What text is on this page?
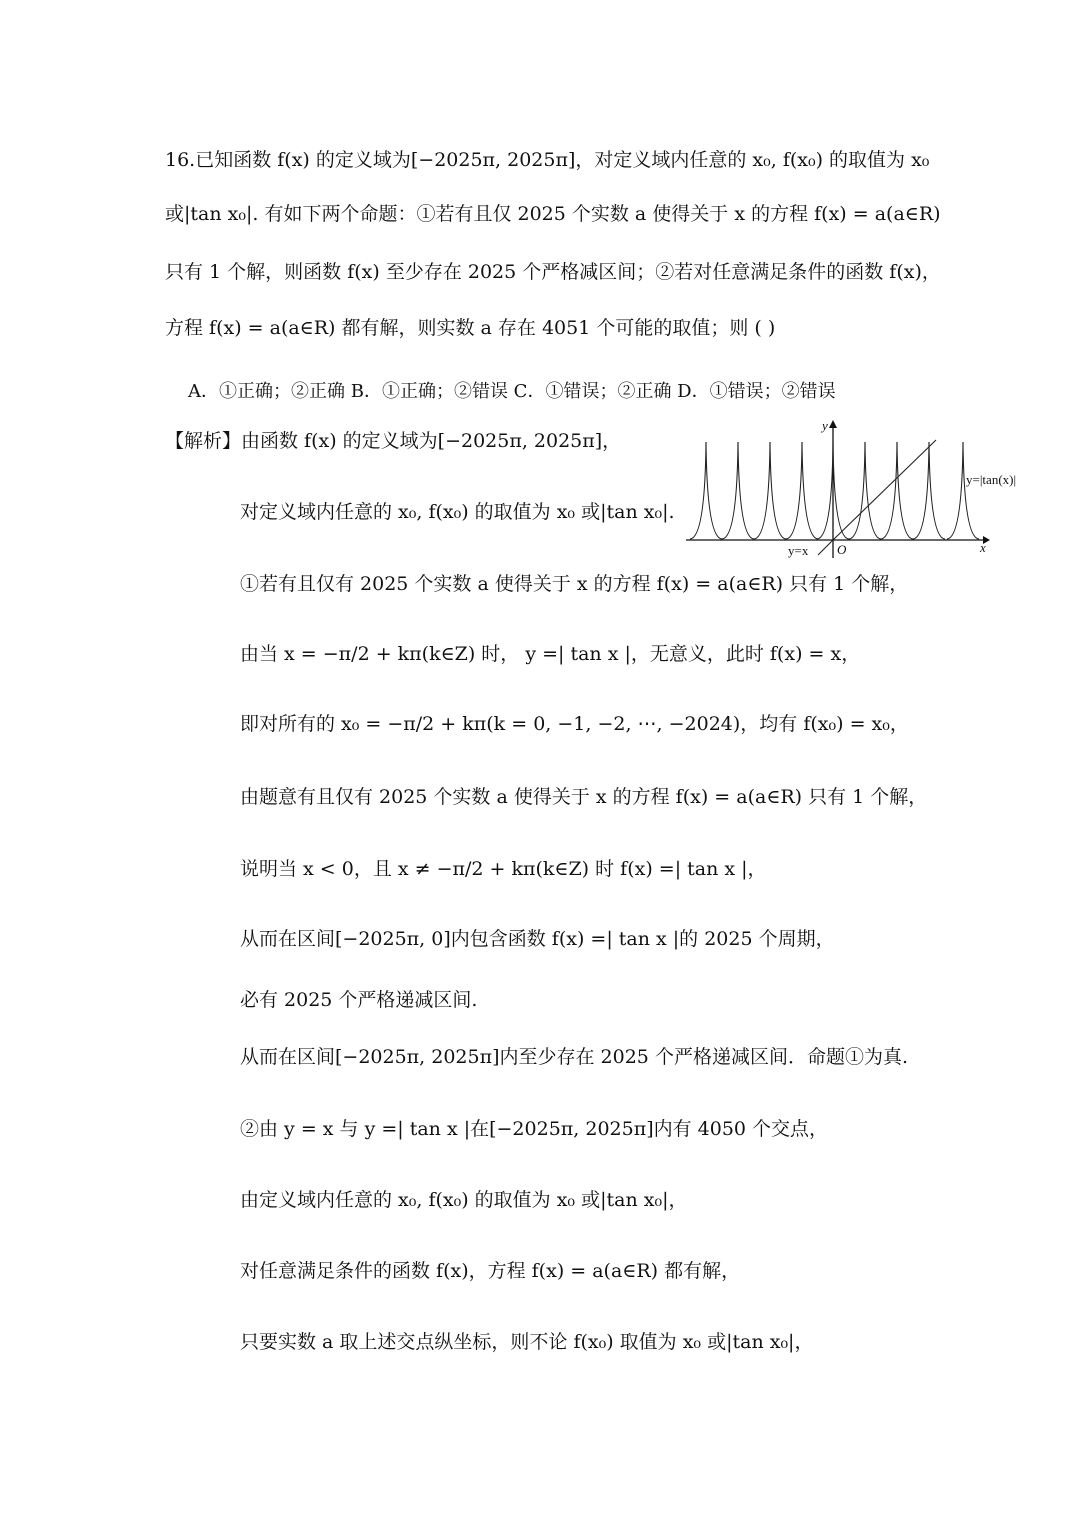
16.已知函数 f(x) 的定义域为[−2025π, 2025π]，对定义域内任意的 x₀, f(x₀) 的取值为 x₀
或|tan x₀|. 有如下两个命题：①若有且仅 2025 个实数 a 使得关于 x 的方程 f(x) = a(a∈R)
只有 1 个解，则函数 f(x) 至少存在 2025 个严格减区间；②若对任意满足条件的函数 f(x)，
方程 f(x) = a(a∈R) 都有解，则实数 a 存在 4051 个可能的取值；则 ( )
A．①正确；②正确 B．①正确；②错误 C．①错误；②正确 D．①错误；②错误
【解析】由函数 f(x) 的定义域为[−2025π, 2025π]，
对定义域内任意的 x₀, f(x₀) 的取值为 x₀ 或|tan x₀|.
①若有且仅有 2025 个实数 a 使得关于 x 的方程 f(x) = a(a∈R) 只有 1 个解，
由当 x = −π/2 + kπ(k∈Z) 时， y =| tan x |，无意义，此时 f(x) = x，
即对所有的 x₀ = −π/2 + kπ(k = 0, −1, −2, ⋯, −2024)，均有 f(x₀) = x₀，
由题意有且仅有 2025 个实数 a 使得关于 x 的方程 f(x) = a(a∈R) 只有 1 个解，
说明当 x < 0，且 x ≠ −π/2 + kπ(k∈Z) 时 f(x) =| tan x |，
从而在区间[−2025π, 0]内包含函数 f(x) =| tan x |的 2025 个周期，
必有 2025 个严格递减区间.
从而在区间[−2025π, 2025π]内至少存在 2025 个严格递减区间．命题①为真.
②由 y = x 与 y =| tan x |在[−2025π, 2025π]内有 4050 个交点，
由定义域内任意的 x₀, f(x₀) 的取值为 x₀ 或|tan x₀|，
对任意满足条件的函数 f(x)，方程 f(x) = a(a∈R) 都有解，
只要实数 a 取上述交点纵坐标，则不论 f(x₀) 取值为 x₀ 或|tan x₀|，
y
x
O
y=|tan(x)|
y=x
